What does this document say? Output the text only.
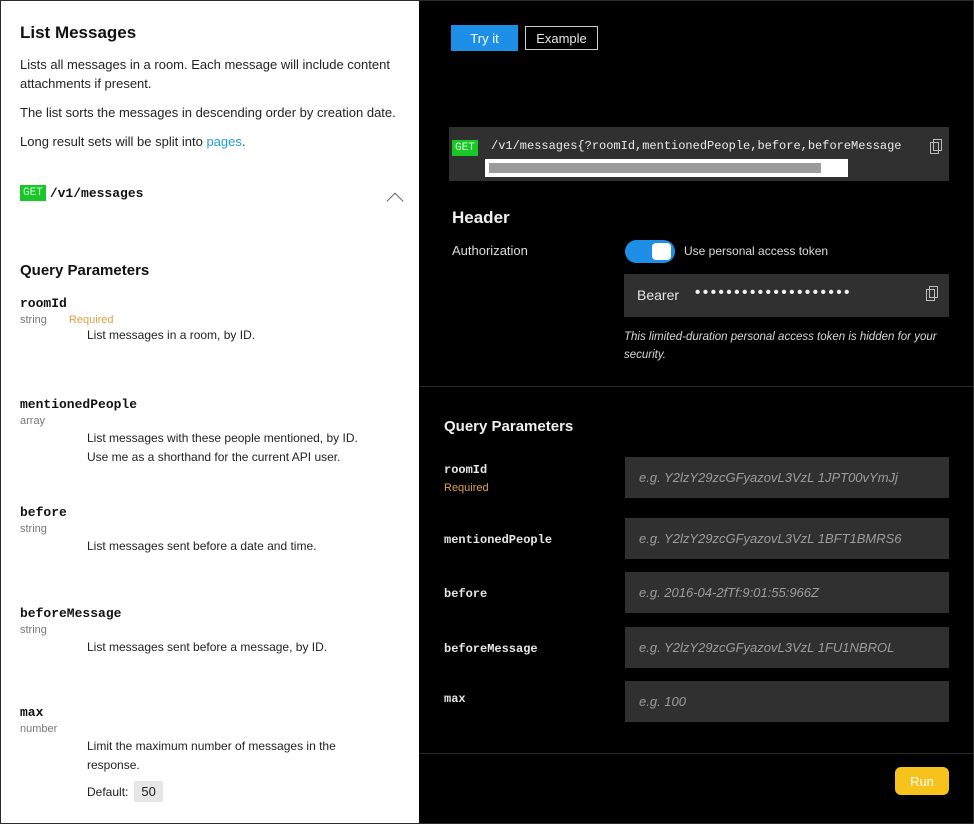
List Messages
Lists all messages in a room. Each message will include content attachments if present.
The list sorts the messages in descending order by creation date.
Long result sets will be split into pages.
GET /v1/messages
Query Parameters
roomId
string Required
List messages in a room, by ID.
mentionedPeople
array
List messages with these people mentioned, by ID.
Use me as a shorthand for the current API user.
before
string
List messages sent before a date and time.
beforeMessage
string
List messages sent before a message, by ID.
max
number
Limit the maximum number of messages in the response.
Default:	50
Try it	Example
GET /v1/messages{?roomId,mentionedPeople,before,beforeMessage
Header
Authorization	Use personal access token
Bearer ••••••••••••••••••••
This limited-duration personal access token is hidden for your security.
Query Parameters
roomId
Required
e.g. Y2lzY29zcGFyazovL3VzL 1JPT00vYmJj
mentionedPeople
e.g. Y2lzY29zcGFyazovL3VzL 1BFT1BMRS6
before
e.g. 2016-04-2fTf:9:01:55:966Z
beforeMessage
e.g. Y2lzY29zcGFyazovL3VzL 1FU1NBROL
max
e.g. 100
Run
